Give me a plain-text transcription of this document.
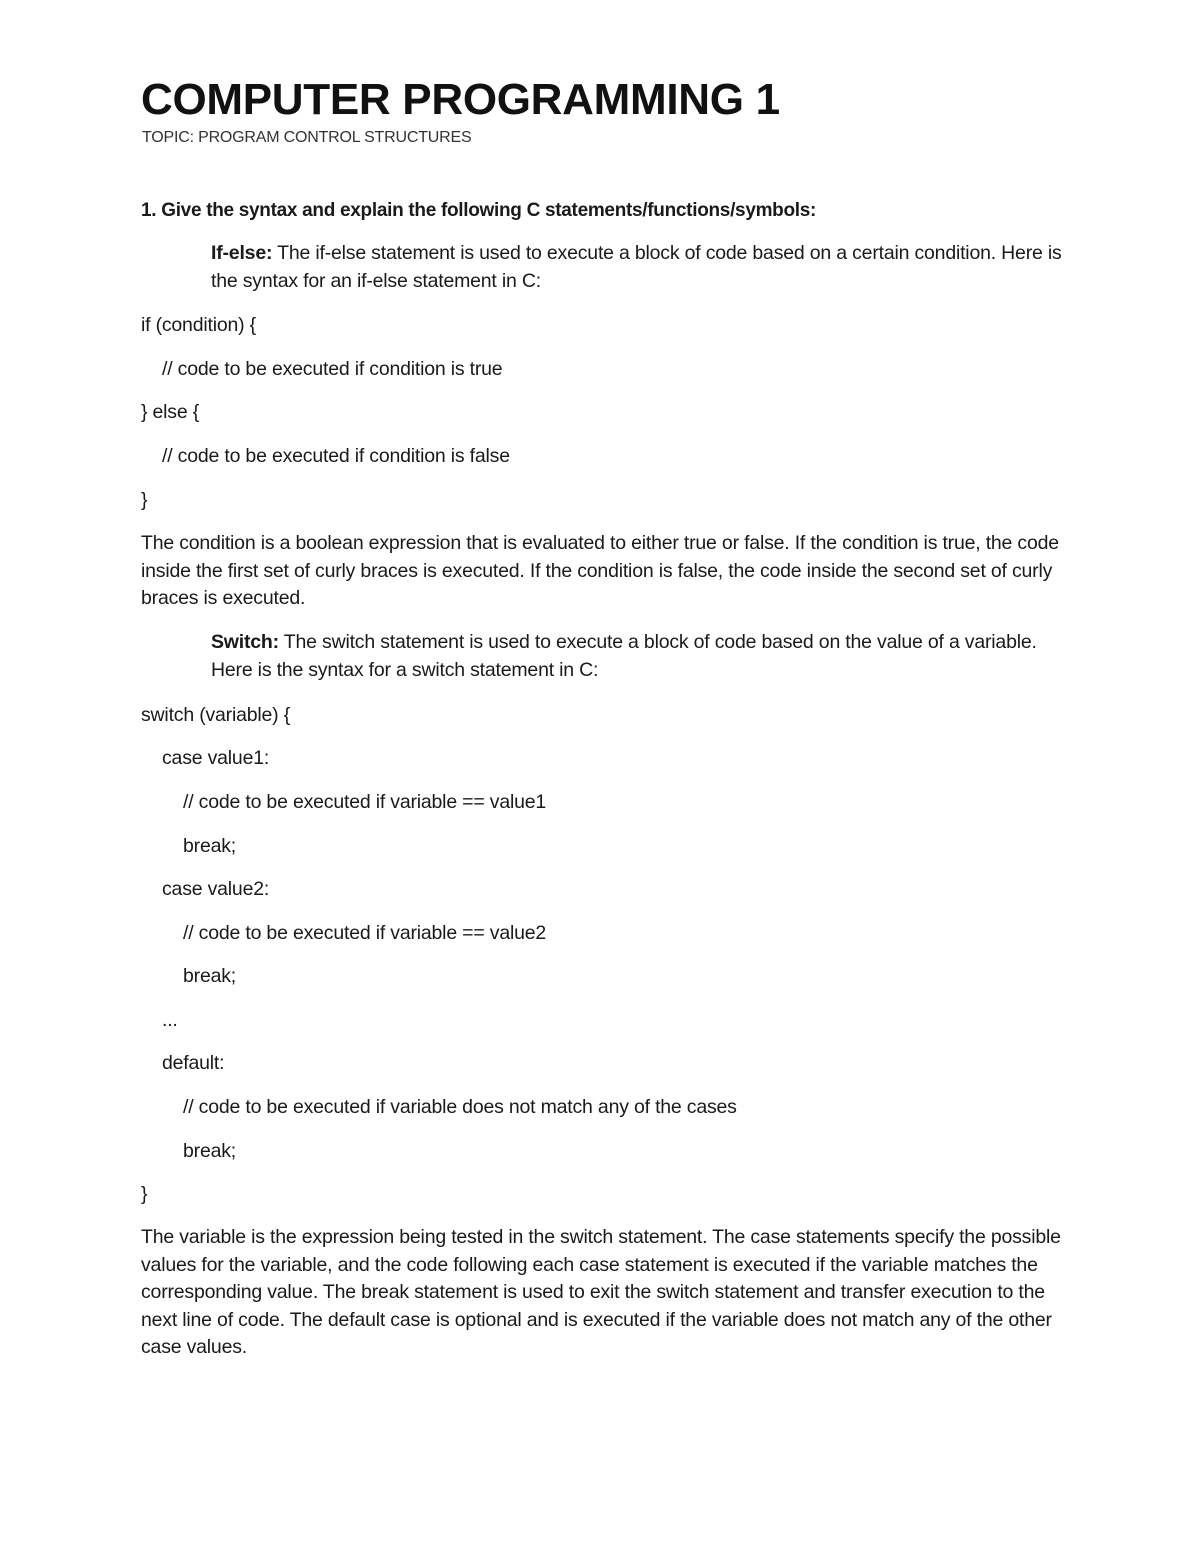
COMPUTER PROGRAMMING 1
TOPIC: PROGRAM CONTROL STRUCTURES
1. Give the syntax and explain the following C statements/functions/symbols:

If-else: The if-else statement is used to execute a block of code based on a certain condition. Here is the syntax for an if-else statement in C:

if (condition) {
// code to be executed if condition is true
} else {
// code to be executed if condition is false
}

The condition is a boolean expression that is evaluated to either true or false. If the condition is true, the code inside the first set of curly braces is executed. If the condition is false, the code inside the second set of curly braces is executed.

Switch: The switch statement is used to execute a block of code based on the value of a variable. Here is the syntax for a switch statement in C:

switch (variable) {
case value1:
// code to be executed if variable == value1
break;
case value2:
// code to be executed if variable == value2
break;
...
default:
// code to be executed if variable does not match any of the cases
break;
}

The variable is the expression being tested in the switch statement. The case statements specify the possible values for the variable, and the code following each case statement is executed if the variable matches the corresponding value. The break statement is used to exit the switch statement and transfer execution to the next line of code. The default case is optional and is executed if the variable does not match any of the other case values.
